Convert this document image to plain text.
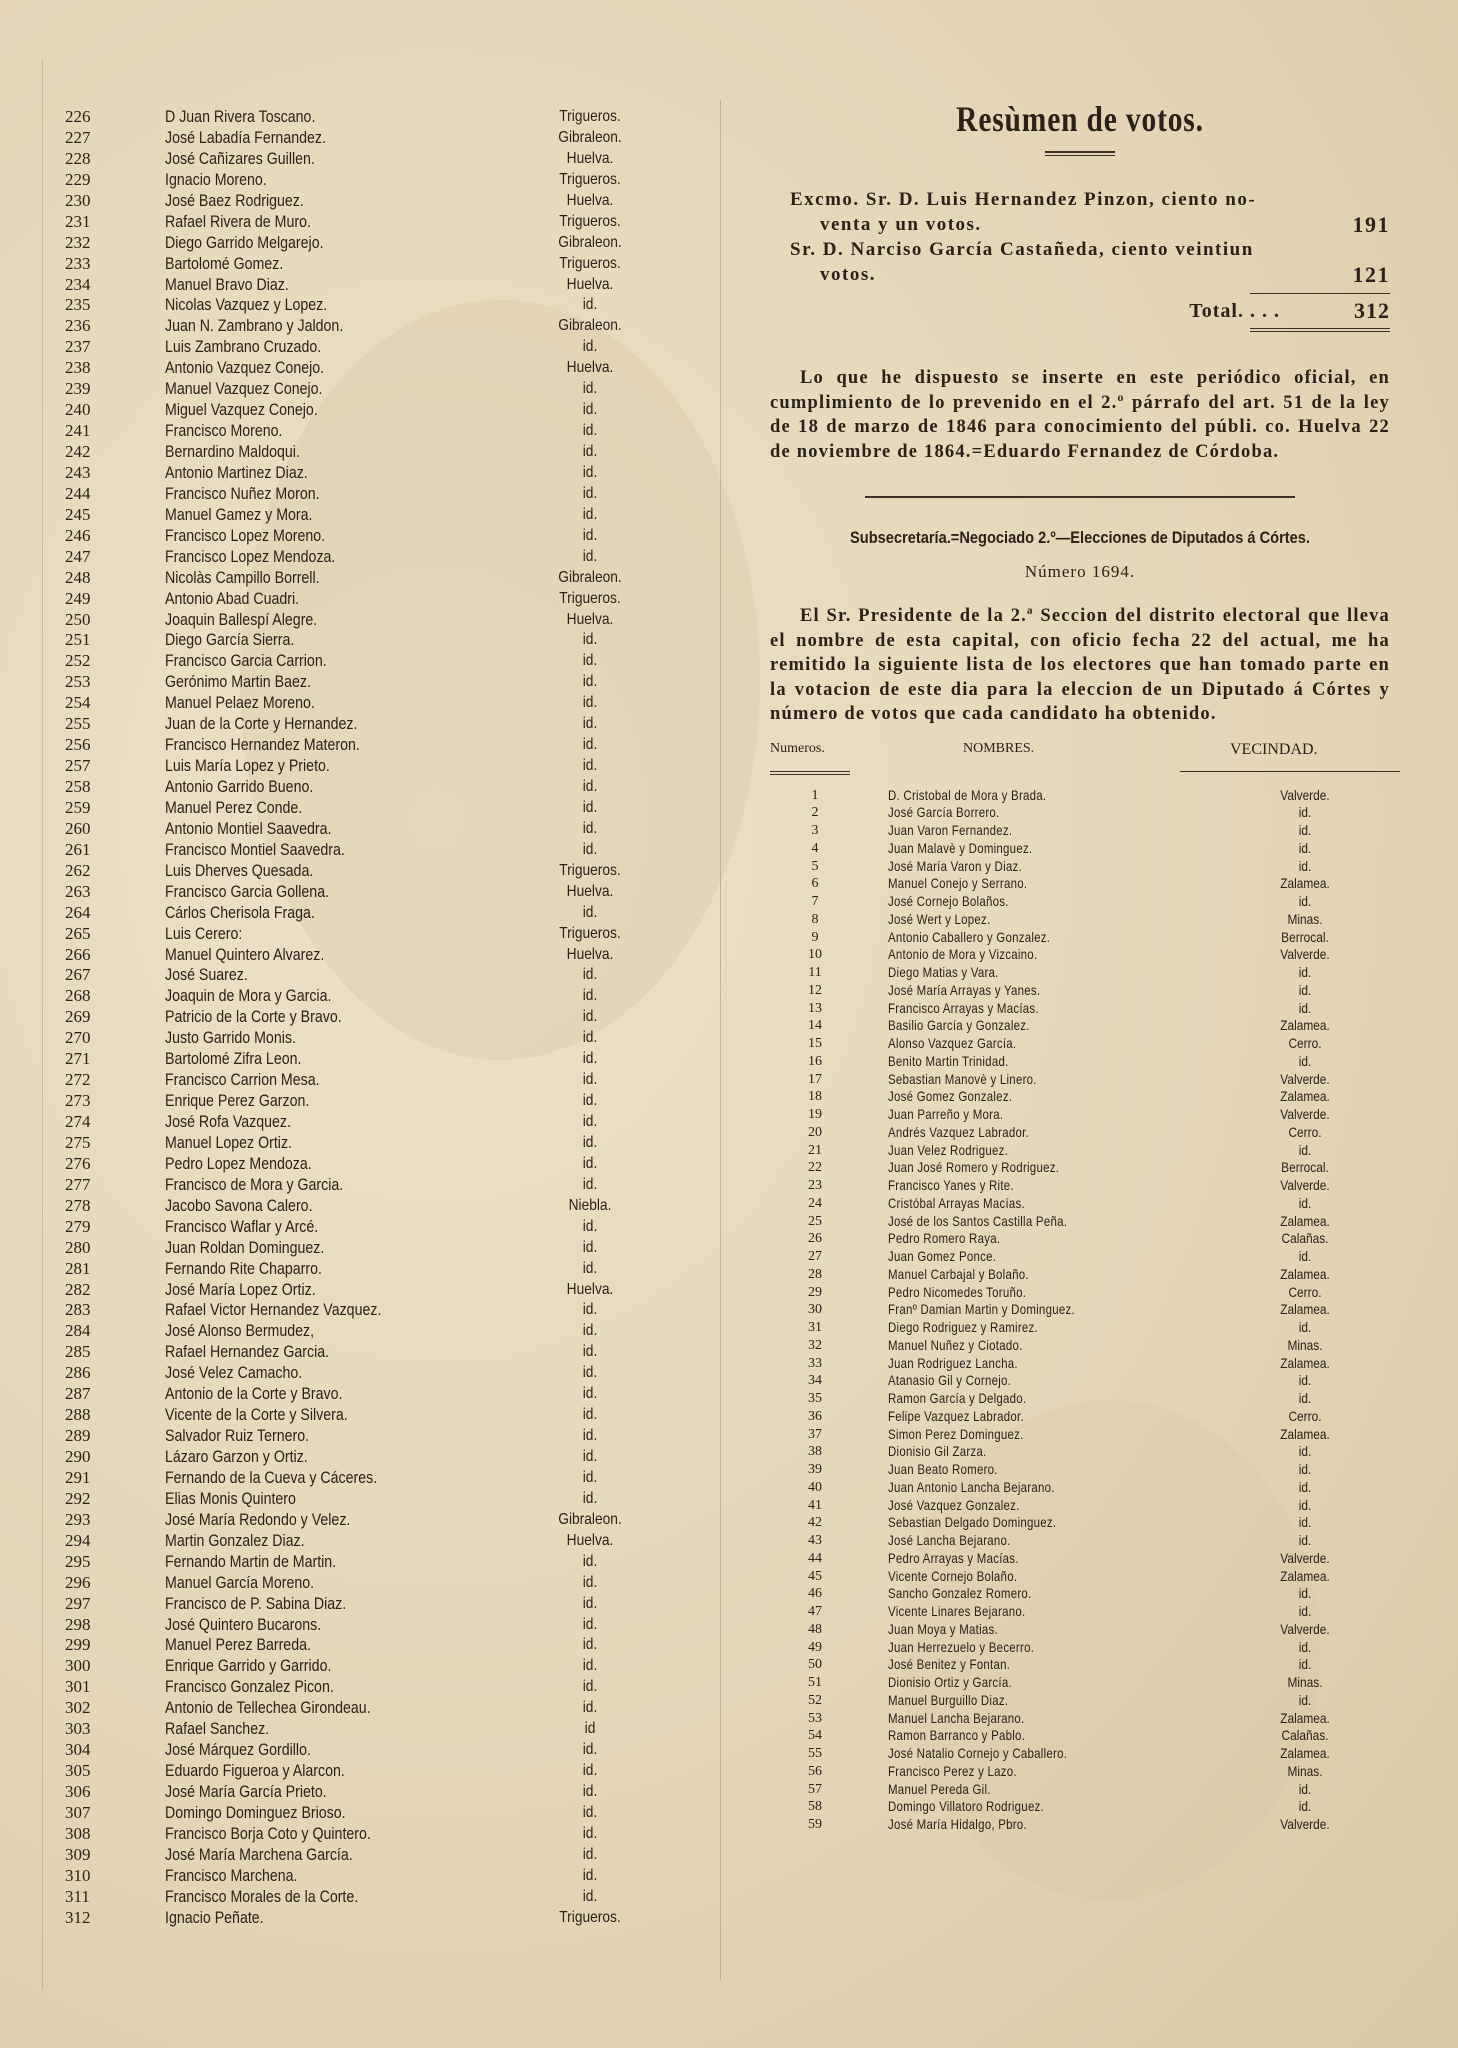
226	D Juan Rivera Toscano.	Trigueros.
227	José Labadía Fernandez.	Gibraleon.
228	José Cañizares Guillen.	Huelva.
229	Ignacio Moreno.	Trigueros.
230	José Baez Rodriguez.	Huelva.
231	Rafael Rivera de Muro.	Trigueros.
232	Diego Garrido Melgarejo.	Gibraleon.
233	Bartolomé Gomez.	Trigueros.
234	Manuel Bravo Diaz.	Huelva.
235	Nicolas Vazquez y Lopez.	id.
236	Juan N. Zambrano y Jaldon.	Gibraleon.
237	Luis Zambrano Cruzado.	id.
238	Antonio Vazquez Conejo.	Huelva.
239	Manuel Vazquez Conejo.	id.
240	Miguel Vazquez Conejo.	id.
241	Francisco Moreno.	id.
242	Bernardino Maldoqui.	id.
243	Antonio Martinez Diaz.	id.
244	Francisco Nuñez Moron.	id.
245	Manuel Gamez y Mora.	id.
246	Francisco Lopez Moreno.	id.
247	Francisco Lopez Mendoza.	id.
248	Nicolàs Campillo Borrell.	Gibraleon.
249	Antonio Abad Cuadri.	Trigueros.
250	Joaquin Ballespí Alegre.	Huelva.
251	Diego García Sierra.	id.
252	Francisco Garcia Carrion.	id.
253	Gerónimo Martin Baez.	id.
254	Manuel Pelaez Moreno.	id.
255	Juan de la Corte y Hernandez.	id.
256	Francisco Hernandez Materon.	id.
257	Luis María Lopez y Prieto.	id.
258	Antonio Garrido Bueno.	id.
259	Manuel Perez Conde.	id.
260	Antonio Montiel Saavedra.	id.
261	Francisco Montiel Saavedra.	id.
262	Luis Dherves Quesada.	Trigueros.
263	Francisco Garcia Gollena.	Huelva.
264	Cárlos Cherisola Fraga.	id.
265	Luis Cerero:	Trigueros.
266	Manuel Quintero Alvarez.	Huelva.
267	José Suarez.	id.
268	Joaquin de Mora y Garcia.	id.
269	Patricio de la Corte y Bravo.	id.
270	Justo Garrido Monis.	id.
271	Bartolomé Zifra Leon.	id.
272	Francisco Carrion Mesa.	id.
273	Enrique Perez Garzon.	id.
274	José Rofa Vazquez.	id.
275	Manuel Lopez Ortiz.	id.
276	Pedro Lopez Mendoza.	id.
277	Francisco de Mora y Garcia.	id.
278	Jacobo Savona Calero.	Niebla.
279	Francisco Waflar y Arcé.	id.
280	Juan Roldan Dominguez.	id.
281	Fernando Rite Chaparro.	id.
282	José María Lopez Ortiz.	Huelva.
283	Rafael Victor Hernandez Vazquez.	id.
284	José Alonso Bermudez,	id.
285	Rafael Hernandez Garcia.	id.
286	José Velez Camacho.	id.
287	Antonio de la Corte y Bravo.	id.
288	Vicente de la Corte y Silvera.	id.
289	Salvador Ruiz Ternero.	id.
290	Lázaro Garzon y Ortiz.	id.
291	Fernando de la Cueva y Cáceres.	id.
292	Elias Monis Quintero	id.
293	José María Redondo y Velez.	Gibraleon.
294	Martin Gonzalez Diaz.	Huelva.
295	Fernando Martin de Martin.	id.
296	Manuel García Moreno.	id.
297	Francisco de P. Sabina Diaz.	id.
298	José Quintero Bucarons.	id.
299	Manuel Perez Barreda.	id.
300	Enrique Garrido y Garrido.	id.
301	Francisco Gonzalez Picon.	id.
302	Antonio de Tellechea Girondeau.	id.
303	Rafael Sanchez.	id
304	José Márquez Gordillo.	id.
305	Eduardo Figueroa y Alarcon.	id.
306	José María García Prieto.	id.
307	Domingo Dominguez Brioso.	id.
308	Francisco Borja Coto y Quintero.	id.
309	José María Marchena García.	id.
310	Francisco Marchena.	id.
311	Francisco Morales de la Corte.	id.
312	Ignacio Peñate.	Trigueros.
Resùmen de votos.
Excmo. Sr. D. Luis Hernandez Pinzon, ciento no-
venta y un votos.	191
Sr. D. Narciso García Castañeda, ciento veintiun
votos.	121
Total. . . .	312
Lo que he dispuesto se inserte en este periódico oficial, en cumplimiento de lo prevenido en el 2.º párrafo del art. 51 de la ley de 18 de marzo de 1846 para conocimiento del públi. co. Huelva 22 de noviembre de 1864.=Eduardo Fernandez de Córdoba.
Subsecretaría.=Negociado 2.º—Elecciones de Diputados á Córtes.
Número 1694.
El Sr. Presidente de la 2.ª Seccion del distrito electoral que lleva el nombre de esta capital, con oficio fecha 22 del actual, me ha remitido la siguiente lista de los electores que han tomado parte en la votacion de este dia para la eleccion de un Diputado á Córtes y número de votos que cada candidato ha obtenido.
Numeros.	NOMBRES.	VECINDAD.
1	D. Cristobal de Mora y Brada.	Valverde.
2	José García Borrero.	id.
3	Juan Varon Fernandez.	id.
4	Juan Malavè y Dominguez.	id.
5	José María Varon y Diaz.	id.
6	Manuel Conejo y Serrano.	Zalamea.
7	José Cornejo Bolaños.	id.
8	José Wert y Lopez.	Minas.
9	Antonio Caballero y Gonzalez.	Berrocal.
10	Antonio de Mora y Vizcaino.	Valverde.
11	Diego Matias y Vara.	id.
12	José María Arrayas y Yanes.	id.
13	Francisco Arrayas y Macías.	id.
14	Basilio García y Gonzalez.	Zalamea.
15	Alonso Vazquez García.	Cerro.
16	Benito Martin Trinidad.	id.
17	Sebastian Manovè y Linero.	Valverde.
18	José Gomez Gonzalez.	Zalamea.
19	Juan Parreño y Mora.	Valverde.
20	Andrés Vazquez Labrador.	Cerro.
21	Juan Velez Rodriguez.	id.
22	Juan José Romero y Rodriguez.	Berrocal.
23	Francisco Yanes y Rite.	Valverde.
24	Cristóbal Arrayas Macías.	id.
25	José de los Santos Castilla Peña.	Zalamea.
26	Pedro Romero Raya.	Calañas.
27	Juan Gomez Ponce.	id.
28	Manuel Carbajal y Bolaño.	Zalamea.
29	Pedro Nicomedes Toruño.	Cerro.
30	Franº Damian Martin y Dominguez.	Zalamea.
31	Diego Rodriguez y Ramirez.	id.
32	Manuel Nuñez y Ciotado.	Minas.
33	Juan Rodriguez Lancha.	Zalamea.
34	Atanasio Gil y Cornejo.	id.
35	Ramon García y Delgado.	id.
36	Felipe Vazquez Labrador.	Cerro.
37	Simon Perez Dominguez.	Zalamea.
38	Dionisio Gil Zarza.	id.
39	Juan Beato Romero.	id.
40	Juan Antonio Lancha Bejarano.	id.
41	José Vazquez Gonzalez.	id.
42	Sebastian Delgado Dominguez.	id.
43	José Lancha Bejarano.	id.
44	Pedro Arrayas y Macías.	Valverde.
45	Vicente Cornejo Bolaño.	Zalamea.
46	Sancho Gonzalez Romero.	id.
47	Vicente Linares Bejarano.	id.
48	Juan Moya y Matias.	Valverde.
49	Juan Herrezuelo y Becerro.	id.
50	José Benitez y Fontan.	id.
51	Dionisio Ortiz y García.	Minas.
52	Manuel Burguillo Diaz.	id.
53	Manuel Lancha Bejarano.	Zalamea.
54	Ramon Barranco y Pablo.	Calañas.
55	José Natalio Cornejo y Caballero.	Zalamea.
56	Francisco Perez y Lazo.	Minas.
57	Manuel Pereda Gil.	id.
58	Domingo Villatoro Rodriguez.	id.
59	José María Hidalgo, Pbro.	Valverde.
